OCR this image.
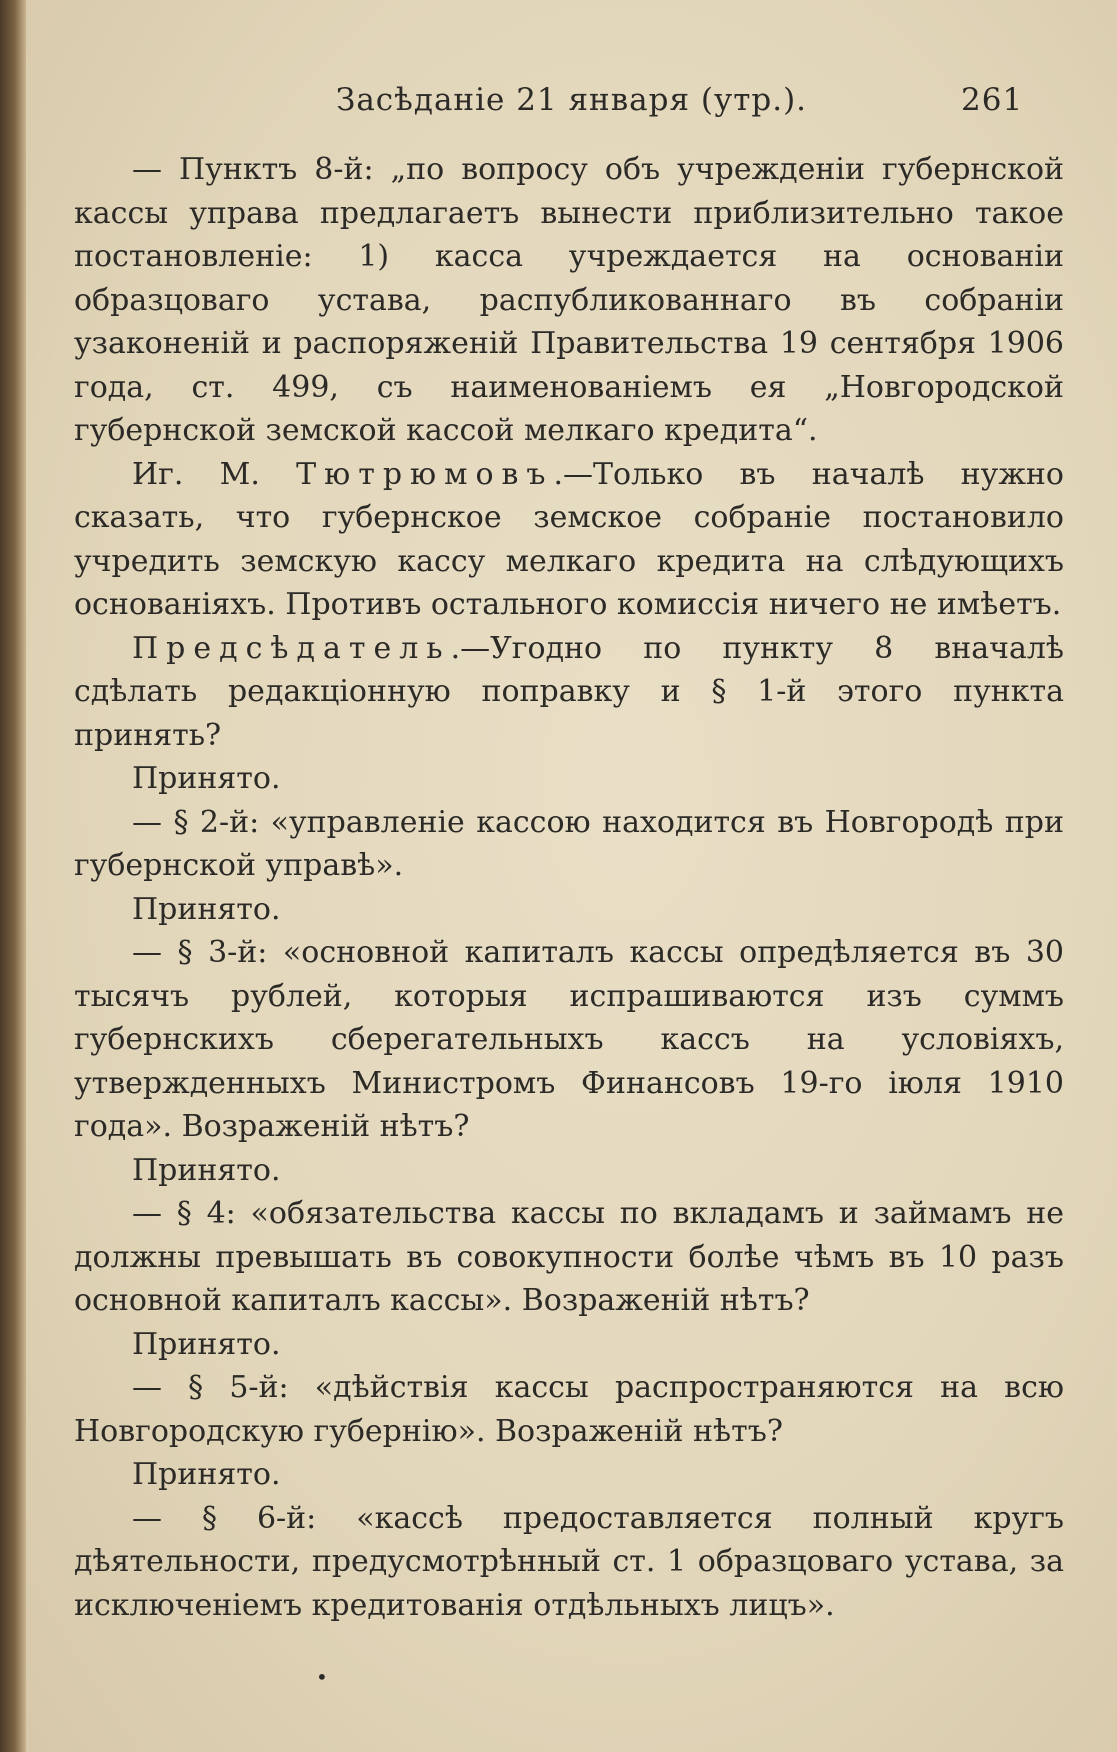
Засѣданіе 21 января (утр.).	261

— Пунктъ 8-й: „по вопросу объ учрежденіи губернской кассы управа предлагаетъ вынести приблизительно такое постановленіе: 1) касса учреждается на основаніи образцоваго устава, распубликованнаго въ собраніи узаконеній и распоряженій Правительства 19 сентября 1906 года, ст. 499, съ наименованіемъ ея „Новгородской губернской земской кассой мелкаго кредита“.

Иг. М. Тютрюмовъ.—Только въ началѣ нужно сказать, что губернское земское собраніе постановило учредить земскую кассу мелкаго кредита на слѣдующихъ основаніяхъ. Противъ остального комиссія ничего не имѣетъ.

Предсѣдатель.—Угодно по пункту 8 вначалѣ сдѣлать редакціонную поправку и § 1-й этого пункта принять?

Принято.

— § 2-й: «управленіе кассою находится въ Новгородѣ при губернской управѣ».

Принято.

— § 3-й: «основной капиталъ кассы опредѣляется въ 30 тысячъ рублей, которыя испрашиваются изъ суммъ губернскихъ сберегательныхъ кассъ на условіяхъ, утвержденныхъ Министромъ Финансовъ 19-го іюля 1910 года». Возраженій нѣтъ?

Принято.

— § 4: «обязательства кассы по вкладамъ и займамъ не должны превышать въ совокупности болѣе чѣмъ въ 10 разъ основной капиталъ кассы». Возраженій нѣтъ?

Принято.

— § 5-й: «дѣйствія кассы распространяются на всю Новгородскую губернію». Возраженій нѣтъ?

Принято.

— § 6-й: «кассѣ предоставляется полный кругъ дѣятельности, предусмотрѣнный ст. 1 образцоваго устава, за исключеніемъ кредитованія отдѣльныхъ лицъ».

•
